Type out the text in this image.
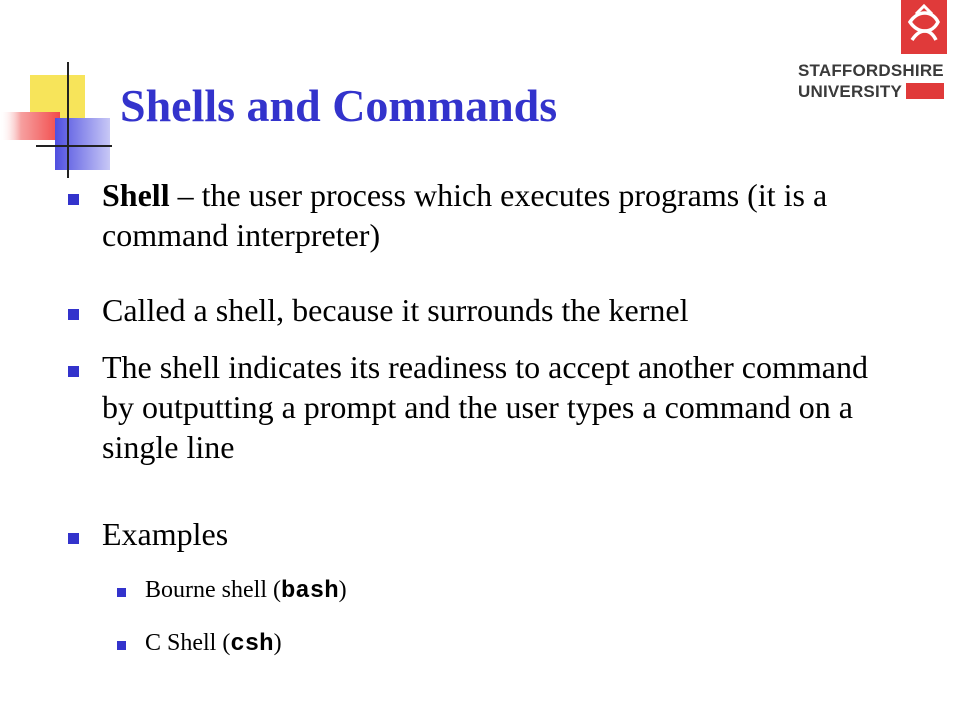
Shells and Commands
STAFFORDSHIRE
UNIVERSITY
Shell – the user process which executes programs (it is a command interpreter)
Called a shell, because it surrounds the kernel
The shell indicates its readiness to accept another command by outputting a prompt and the user types a command on a single line
Examples
Bourne shell (bash)
C Shell (csh)
